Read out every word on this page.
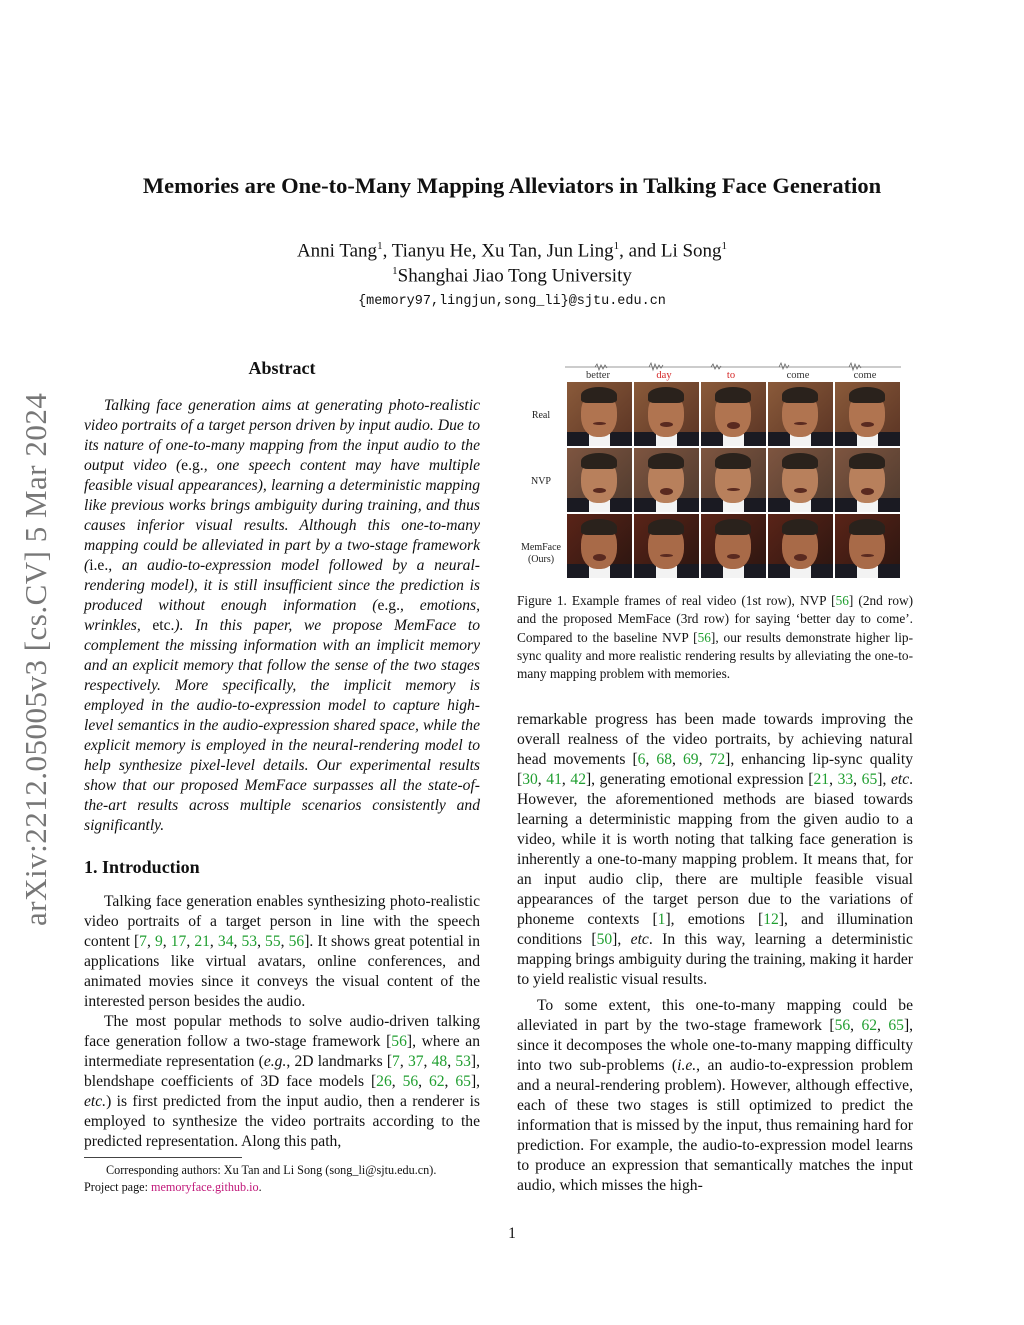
arXiv:2212.05005v3 [cs.CV] 5 Mar 2024
Memories are One-to-Many Mapping Alleviators in Talking Face Generation
Anni Tang$^1$, Tianyu He, Xu Tan, Jun Ling$^1$, and Li Song$^1$
$^1$Shanghai Jiao Tong University
{memory97,lingjun,song_li}@sjtu.edu.cn
Abstract

Talking face generation aims at generating photo-realistic video portraits of a target person driven by input audio. Due to its nature of one-to-many mapping from the input audio to the output video (e.g., one speech content may have multiple feasible visual appearances), learning a deterministic mapping like previous works brings ambiguity during training, and thus causes inferior visual results. Although this one-to-many mapping could be alleviated in part by a two-stage framework (i.e., an audio-to-expression model followed by a neural-rendering model), it is still insufficient since the prediction is produced without enough information (e.g., emotions, wrinkles, etc.). In this paper, we propose MemFace to complement the missing information with an implicit memory and an explicit memory that follow the sense of the two stages respectively. More specifically, the implicit memory is employed in the audio-to-expression model to capture high-level semantics in the audio-expression shared space, while the explicit memory is employed in the neural-rendering model to help synthesize pixel-level details. Our experimental results show that our proposed MemFace surpasses all the state-of-the-art results across multiple scenarios consistently and significantly.

1. Introduction

Talking face generation enables synthesizing photo-realistic video portraits of a target person in line with the speech content [7, 9, 17, 21, 34, 53, 55, 56]. It shows great potential in applications like virtual avatars, online conferences, and animated movies since it conveys the visual content of the interested person besides the audio.

The most popular methods to solve audio-driven talking face generation follow a two-stage framework [56], where an intermediate representation (e.g., 2D landmarks [7, 37, 48, 53], blendshape coefficients of 3D face models [26, 56, 62, 65], etc.) is first predicted from the input audio, then a renderer is employed to synthesize the video portraits according to the predicted representation. Along this path,

Corresponding authors: Xu Tan and Li Song (song_li@sjtu.edu.cn).
Project page: memoryface.github.io.
better	day	to	come	come
Real
NVP
MemFace
(Ours)

Figure 1. Example frames of real video (1st row), NVP [56] (2nd row) and the proposed MemFace (3rd row) for saying ‘better day to come’. Compared to the baseline NVP [56], our results demonstrate higher lip-sync quality and more realistic rendering results by alleviating the one-to-many mapping problem with memories.

remarkable progress has been made towards improving the overall realness of the video portraits, by achieving natural head movements [6, 68, 69, 72], enhancing lip-sync quality [30, 41, 42], generating emotional expression [21, 33, 65], etc. However, the aforementioned methods are biased towards learning a deterministic mapping from the given audio to a video, while it is worth noting that talking face generation is inherently a one-to-many mapping problem. It means that, for an input audio clip, there are multiple feasible visual appearances of the target person due to the variations of phoneme contexts [1], emotions [12], and illumination conditions [50], etc. In this way, learning a deterministic mapping brings ambiguity during the training, making it harder to yield realistic visual results.

To some extent, this one-to-many mapping could be alleviated in part by the two-stage framework [56, 62, 65], since it decomposes the whole one-to-many mapping difficulty into two sub-problems (i.e., an audio-to-expression problem and a neural-rendering problem). However, although effective, each of these two stages is still optimized to predict the information that is missed by the input, thus remaining hard for prediction. For example, the audio-to-expression model learns to produce an expression that semantically matches the input audio, which misses the high-

1
